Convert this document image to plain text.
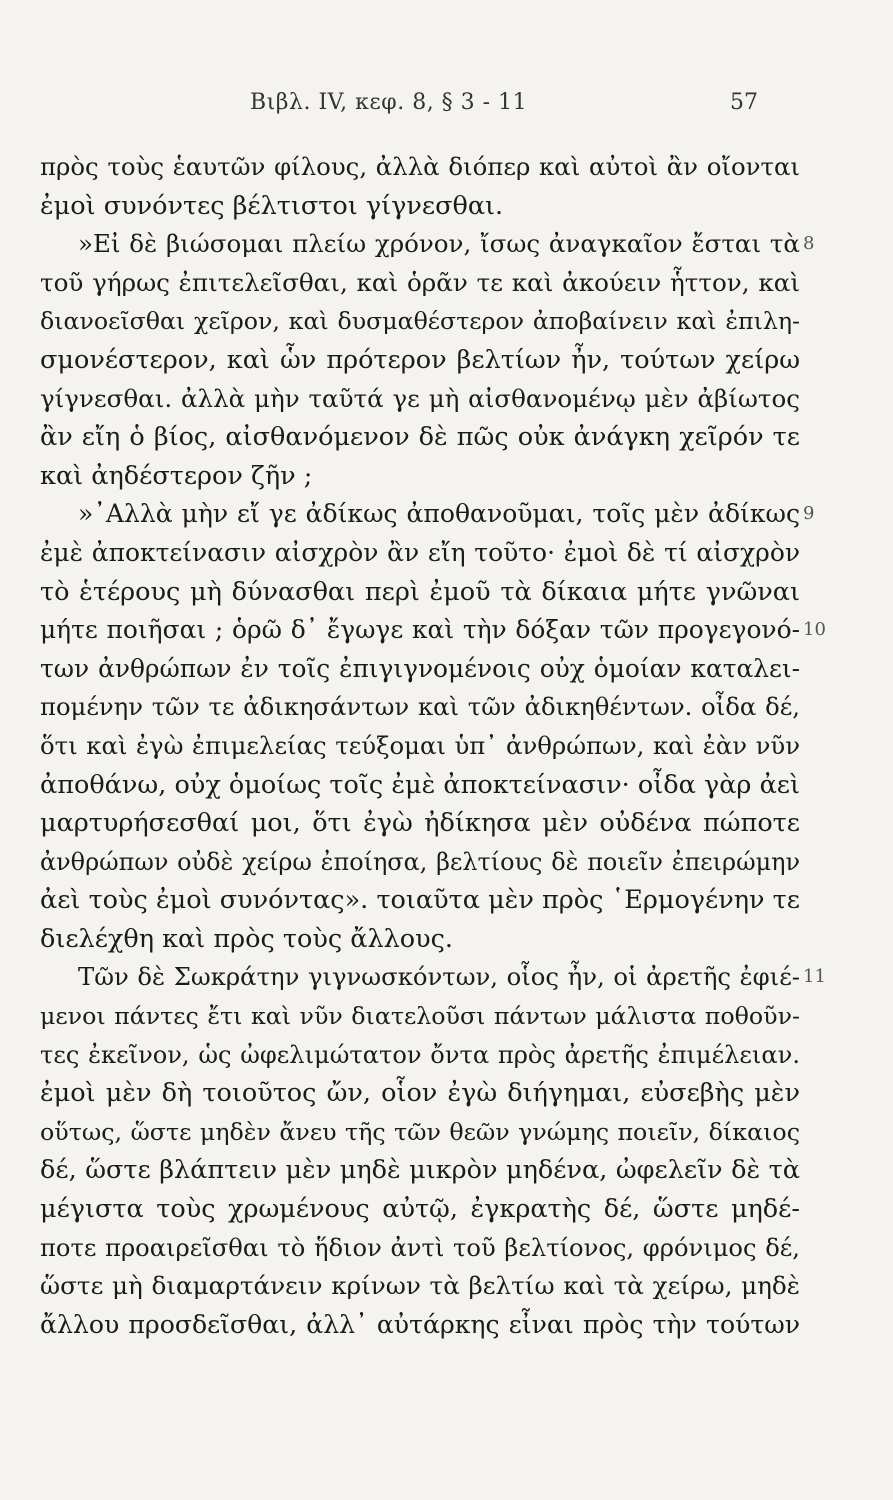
Βιβλ. IV, κεφ. 8, § 3 - 11	57
πρὸς τοὺς ἑαυτῶν φίλους, ἀλλὰ διόπερ καὶ αὐτοὶ ἂν οἴονται
ἐμοὶ συνόντες βέλτιστοι γίγνεσθαι.
»Εἰ δὲ βιώσομαι πλείω χρόνον, ἴσως ἀναγκαῖον ἔσται τὰ 8
τοῦ γήρως ἐπιτελεῖσθαι, καὶ ὁρᾶν τε καὶ ἀκούειν ἧττον, καὶ
διανοεῖσθαι χεῖρον, καὶ δυσμαθέστερον ἀποβαίνειν καὶ ἐπιλη-
σμονέστερον, καὶ ὧν πρότερον βελτίων ἦν, τούτων χείρω
γίγνεσθαι. ἀλλὰ μὴν ταῦτά γε μὴ αἰσθανομένῳ μὲν ἀβίωτος
ἂν εἴη ὁ βίος, αἰσθανόμενον δὲ πῶς οὐκ ἀνάγκη χεῖρόν τε
καὶ ἀηδέστερον ζῆν ;
»᾽Αλλὰ μὴν εἴ γε ἀδίκως ἀποθανοῦμαι, τοῖς μὲν ἀδίκως 9
ἐμὲ ἀποκτείνασιν αἰσχρὸν ἂν εἴη τοῦτο· ἐμοὶ δὲ τί αἰσχρὸν
τὸ ἑτέρους μὴ δύνασθαι περὶ ἐμοῦ τὰ δίκαια μήτε γνῶναι
μήτε ποιῆσαι ; ὁρῶ δ᾽ ἔγωγε καὶ τὴν δόξαν τῶν προγεγονό- 10
των ἀνθρώπων ἐν τοῖς ἐπιγιγνομένοις οὐχ ὁμοίαν καταλει-
πομένην τῶν τε ἀδικησάντων καὶ τῶν ἀδικηθέντων. οἶδα δέ,
ὅτι καὶ ἐγὼ ἐπιμελείας τεύξομαι ὑπ᾽ ἀνθρώπων, καὶ ἐὰν νῦν
ἀποθάνω, οὐχ ὁμοίως τοῖς ἐμὲ ἀποκτείνασιν· οἶδα γὰρ ἀεὶ
μαρτυρήσεσθαί μοι, ὅτι ἐγὼ ἠδίκησα μὲν οὐδένα πώποτε
ἀνθρώπων οὐδὲ χείρω ἐποίησα, βελτίους δὲ ποιεῖν ἐπειρώμην
ἀεὶ τοὺς ἐμοὶ συνόντας». τοιαῦτα μὲν πρὸς ῾Ερμογένην τε
διελέχθη καὶ πρὸς τοὺς ἄλλους.
Τῶν δὲ Σωκράτην γιγνωσκόντων, οἷος ἦν, οἱ ἀρετῆς ἐφιέ- 11
μενοι πάντες ἔτι καὶ νῦν διατελοῦσι πάντων μάλιστα ποθοῦν-
τες ἐκεῖνον, ὡς ὠφελιμώτατον ὄντα πρὸς ἀρετῆς ἐπιμέλειαν.
ἐμοὶ μὲν δὴ τοιοῦτος ὤν, οἷον ἐγὼ διήγημαι, εὐσεβὴς μὲν
οὕτως, ὥστε μηδὲν ἄνευ τῆς τῶν θεῶν γνώμης ποιεῖν, δίκαιος
δέ, ὥστε βλάπτειν μὲν μηδὲ μικρὸν μηδένα, ὠφελεῖν δὲ τὰ
μέγιστα τοὺς χρωμένους αὐτῷ, ἐγκρατὴς δέ, ὥστε μηδέ-
ποτε προαιρεῖσθαι τὸ ἥδιον ἀντὶ τοῦ βελτίονος, φρόνιμος δέ,
ὥστε μὴ διαμαρτάνειν κρίνων τὰ βελτίω καὶ τὰ χείρω, μηδὲ
ἄλλου προσδεῖσθαι, ἀλλ᾽ αὐτάρκης εἶναι πρὸς τὴν τούτων
